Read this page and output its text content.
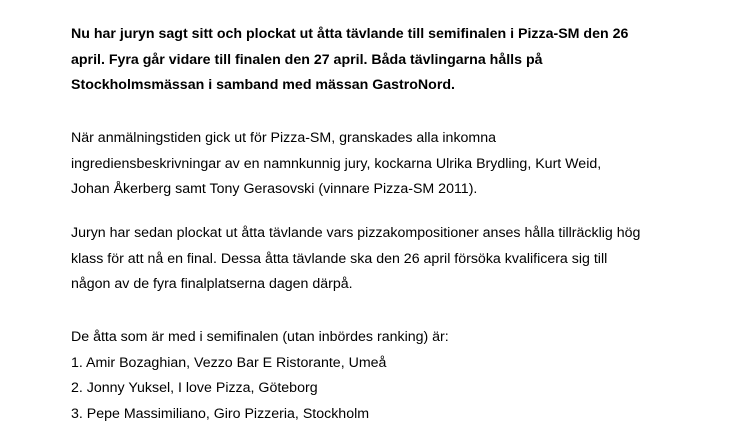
Nu har juryn sagt sitt och plockat ut åtta tävlande till semifinalen i Pizza-SM den 26
april. Fyra går vidare till finalen den 27 april. Båda tävlingarna hålls på
Stockholmsmässan i samband med mässan GastroNord.
När anmälningstiden gick ut för Pizza-SM, granskades alla inkomna
ingrediensbeskrivningar av en namnkunnig jury, kockarna Ulrika Brydling, Kurt Weid,
Johan Åkerberg samt Tony Gerasovski (vinnare Pizza-SM 2011).
Juryn har sedan plockat ut åtta tävlande vars pizzakompositioner anses hålla tillräcklig hög
klass för att nå en final. Dessa åtta tävlande ska den 26 april försöka kvalificera sig till
någon av de fyra finalplatserna dagen därpå.
De åtta som är med i semifinalen (utan inbördes ranking) är:
1. Amir Bozaghian, Vezzo Bar E Ristorante, Umeå
2. Jonny Yuksel, I love Pizza, Göteborg
3. Pepe Massimiliano, Giro Pizzeria, Stockholm
